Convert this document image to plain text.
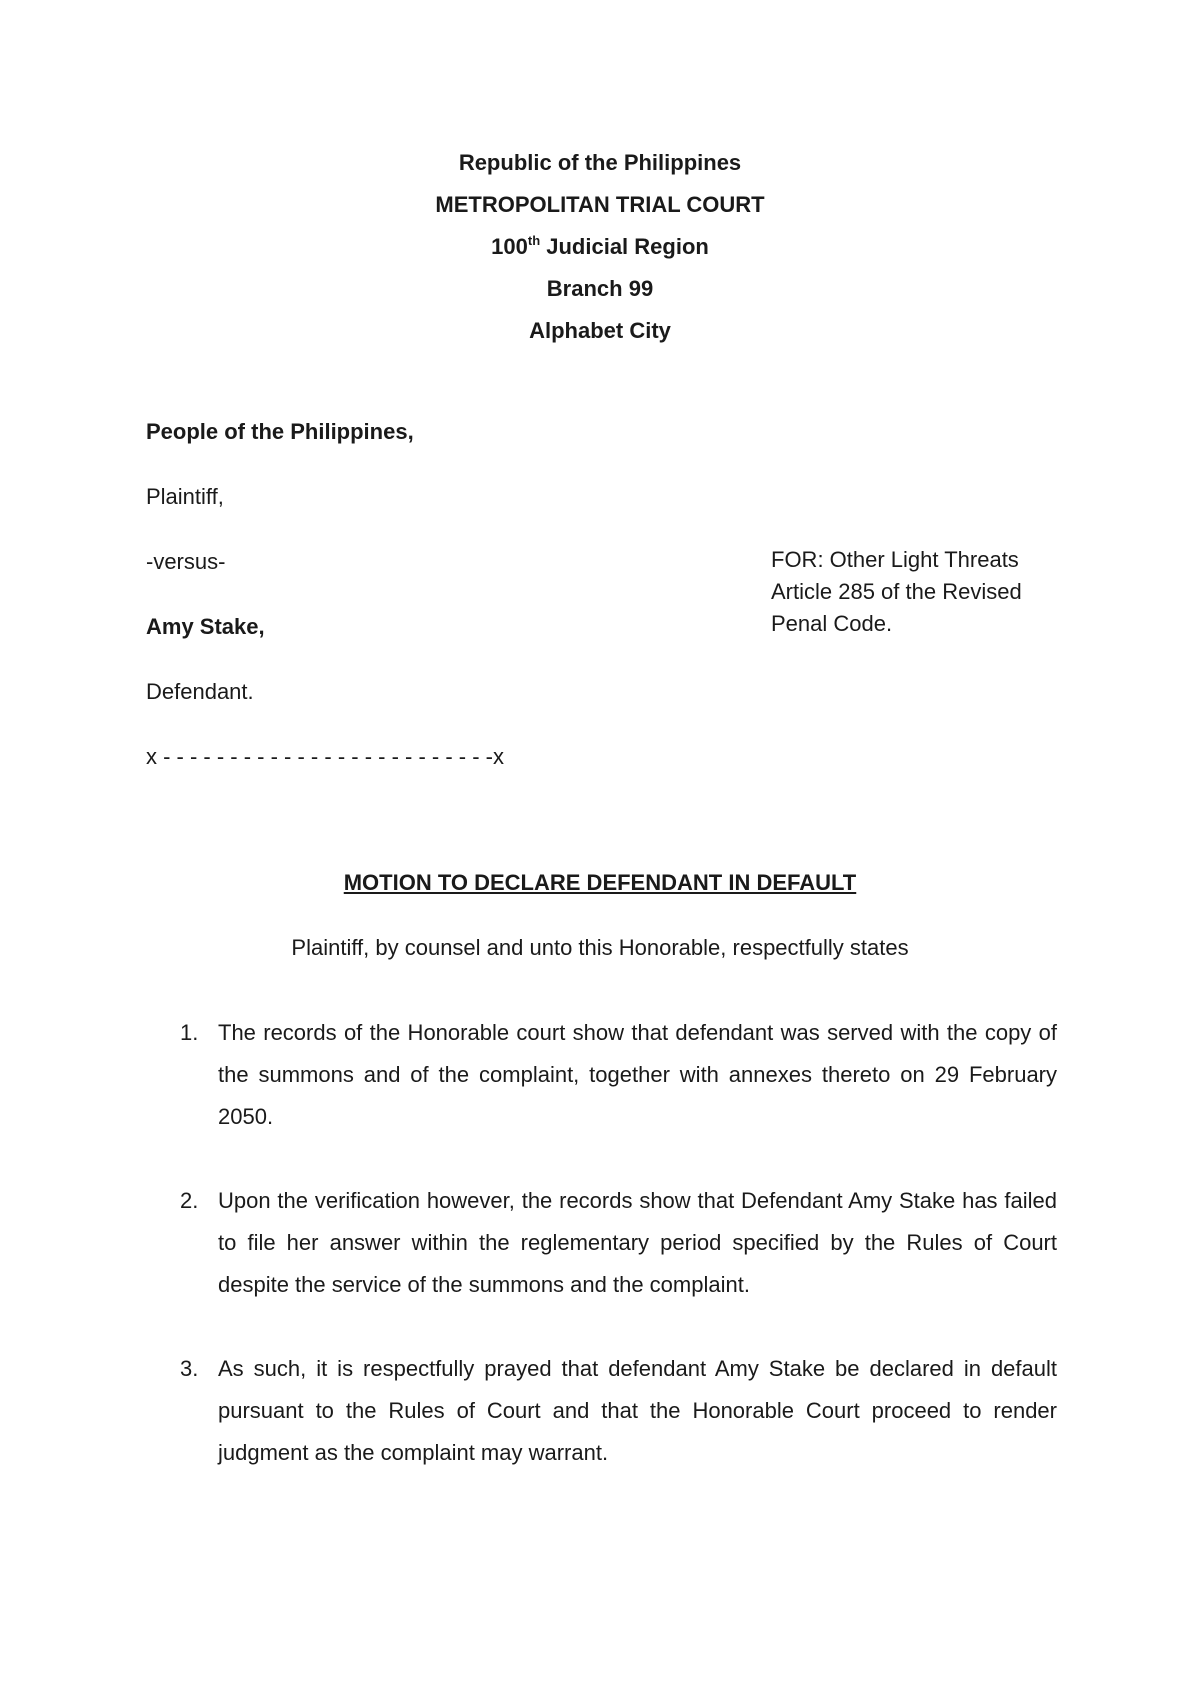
Republic of the Philippines
METROPOLITAN TRIAL COURT
100th Judicial Region
Branch 99
Alphabet City
People of the Philippines,
Plaintiff,
-versus-
Amy Stake,
Defendant.
x - - - - - - - - - - - - - - - - - - - - - - - - -x
FOR: Other Light Threats
Article 285 of the Revised
Penal Code.
MOTION TO DECLARE DEFENDANT IN DEFAULT
Plaintiff, by counsel and unto this Honorable, respectfully states
1. The records of the Honorable court show that defendant was served with the copy of the summons and of the complaint, together with annexes thereto on 29 February 2050.
2. Upon the verification however, the records show that Defendant Amy Stake has failed to file her answer within the reglementary period specified by the Rules of Court despite the service of the summons and the complaint.
3. As such, it is respectfully prayed that defendant Amy Stake be declared in default pursuant to the Rules of Court and that the Honorable Court proceed to render judgment as the complaint may warrant.
